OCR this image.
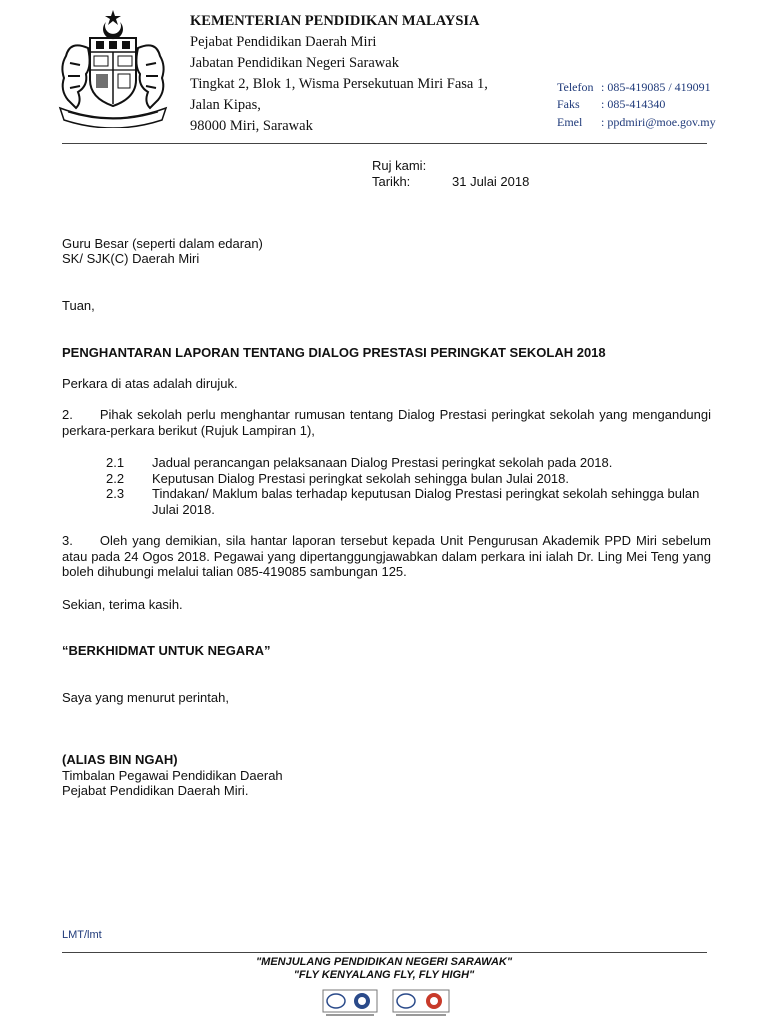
KEMENTERIAN PENDIDIKAN MALAYSIA
Pejabat Pendidikan Daerah Miri
Jabatan Pendidikan Negeri Sarawak
Tingkat 2, Blok 1, Wisma Persekutuan Miri Fasa 1,
Jalan Kipas,
98000 Miri, Sarawak
Telefon : 085-419085 / 419091
Faks : 085-414340
Emel : ppdmiri@moe.gov.my
Ruj kami:
Tarikh:	31 Julai 2018
Guru Besar (seperti dalam edaran)
SK/ SJK(C) Daerah Miri
Tuan,
PENGHANTARAN LAPORAN TENTANG DIALOG PRESTASI PERINGKAT SEKOLAH 2018
Perkara di atas adalah dirujuk.
2. Pihak sekolah perlu menghantar rumusan tentang Dialog Prestasi peringkat sekolah yang mengandungi perkara-perkara berikut (Rujuk Lampiran 1),
2.1 Jadual perancangan pelaksanaan Dialog Prestasi peringkat sekolah pada 2018.
2.2 Keputusan Dialog Prestasi peringkat sekolah sehingga bulan Julai 2018.
2.3 Tindakan/ Maklum balas terhadap keputusan Dialog Prestasi peringkat sekolah sehingga bulan Julai 2018.
3. Oleh yang demikian, sila hantar laporan tersebut kepada Unit Pengurusan Akademik PPD Miri sebelum atau pada 24 Ogos 2018. Pegawai yang dipertanggungjawabkan dalam perkara ini ialah Dr. Ling Mei Teng yang boleh dihubungi melalui talian 085-419085 sambungan 125.
Sekian, terima kasih.
“BERKHIDMAT UNTUK NEGARA”
Saya yang menurut perintah,
(ALIAS BIN NGAH)
Timbalan Pegawai Pendidikan Daerah
Pejabat Pendidikan Daerah Miri.
LMT/lmt
"MENJULANG PENDIDIKAN NEGERI SARAWAK"
"FLY KENYALANG FLY, FLY HIGH"
